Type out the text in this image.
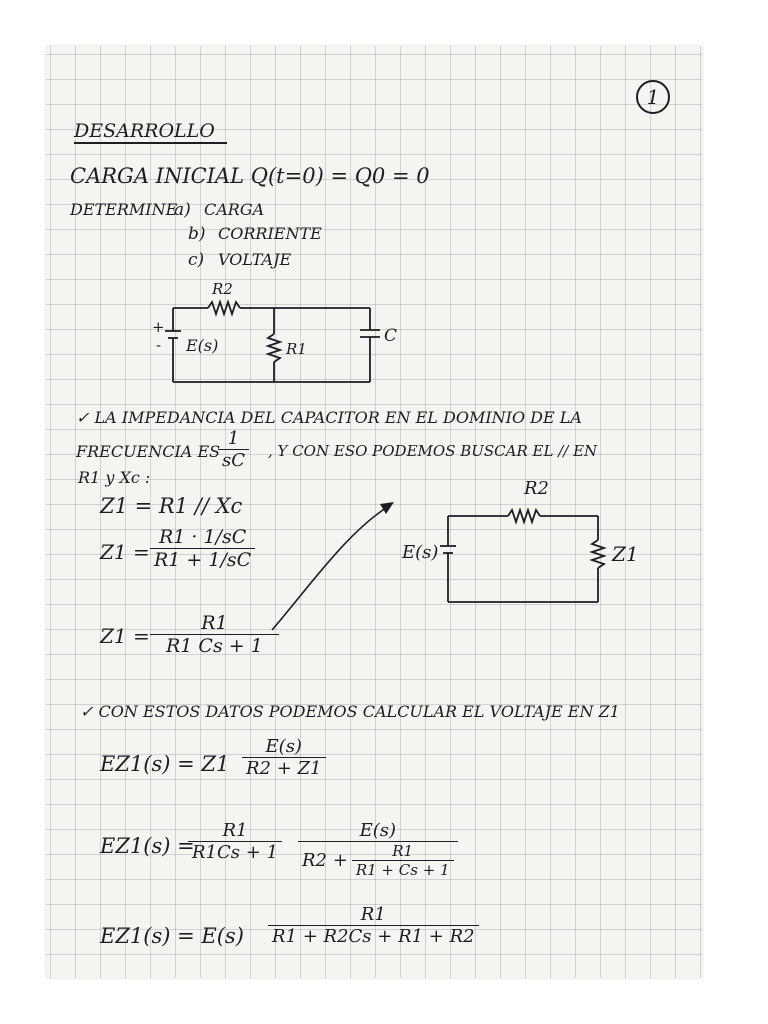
1
DESARROLLO
CARGA INICIAL Q(t=0) = Q0 = 0
DETERMINE
a) CARGA
b) CORRIENTE
c) VOLTAJE
R2
+
- E(s)	R1
C
✓ LA IMPEDANCIA DEL CAPACITOR EN EL DOMINIO DE LA
FRECUENCIA ES
$\frac{1}{sC}$ , Y CON ESO PODEMOS BUSCAR EL // EN
R1 y Xc :
Z1 = R1 // Xc
$Z1 = \frac{R1 \cdot 1/sC}{R1 + 1/sC}$
$Z1 = \frac{R1}{R1 Cs + 1}$
R2
E(s)	Z1
✓ CON ESTOS DATOS PODEMOS CALCULAR EL VOLTAJE EN Z1
$EZ1(s) = Z1 \frac{E(s)}{R2 + Z1}$
EZ1(s) =
$\frac{R1}{R1Cs + 1} \frac{E(s)}{R2 + \frac{R1}{R1 + Cs + 1}}$
$EZ1(s) = E(s) \frac{R1}{R1 + R2Cs + R1 + R2}$
